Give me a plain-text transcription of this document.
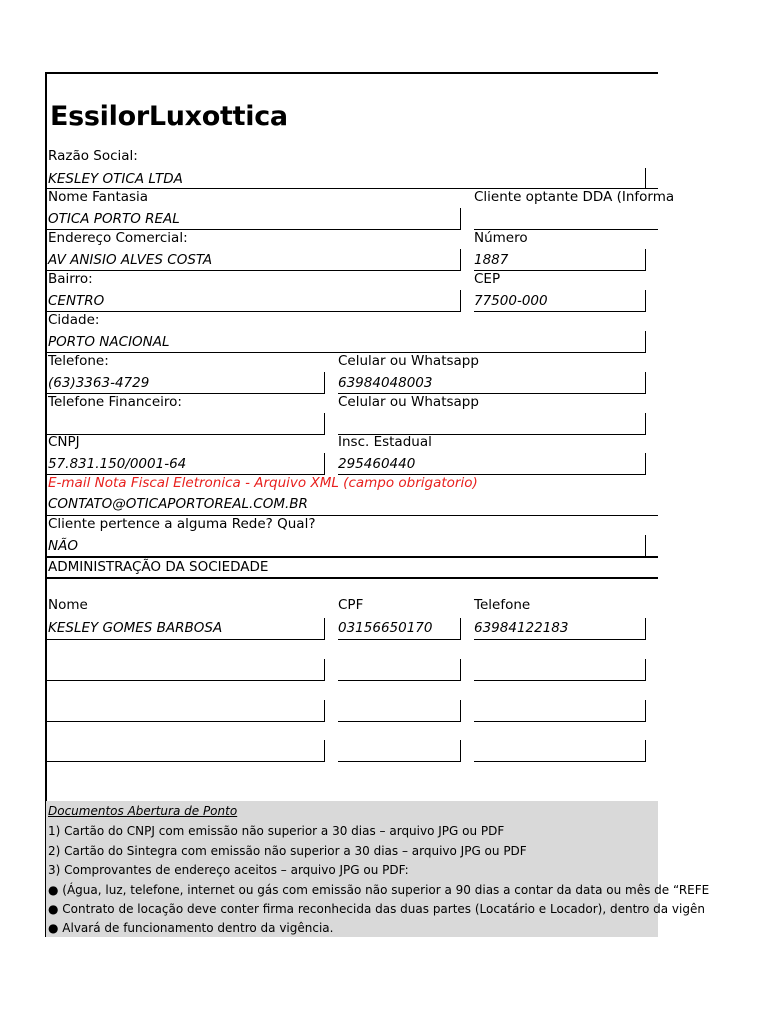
EssilorLuxottica
Razão Social:
KESLEY OTICA LTDA
Nome Fantasia	Cliente optante DDA (Informa
OTICA PORTO REAL
Endereço Comercial:	Número
AV ANISIO ALVES COSTA	1887
Bairro:	CEP
CENTRO	77500-000
Cidade:
PORTO NACIONAL
Telefone:	Celular ou Whatsapp
(63)3363-4729	63984048003
Telefone Financeiro:	Celular ou Whatsapp
CNPJ	Insc. Estadual
57.831.150/0001-64	295460440
E-mail Nota Fiscal Eletronica - Arquivo XML (campo obrigatorio)
CONTATO@OTICAPORTOREAL.COM.BR
Cliente pertence a alguma Rede? Qual?
NÃO
ADMINISTRAÇÃO DA SOCIEDADE
Nome	CPF	Telefone
KESLEY GOMES BARBOSA	03156650170	63984122183
Documentos Abertura de Ponto
1) Cartão do CNPJ com emissão não superior a 30 dias – arquivo JPG ou PDF
2) Cartão do Sintegra com emissão não superior a 30 dias – arquivo JPG ou PDF
3) Comprovantes de endereço aceitos – arquivo JPG ou PDF:
● (Água, luz, telefone, internet ou gás com emissão não superior a 90 dias a contar da data ou mês de “REFE
● Contrato de locação deve conter firma reconhecida das duas partes (Locatário e Locador), dentro da vigên
● Alvará de funcionamento dentro da vigência.
